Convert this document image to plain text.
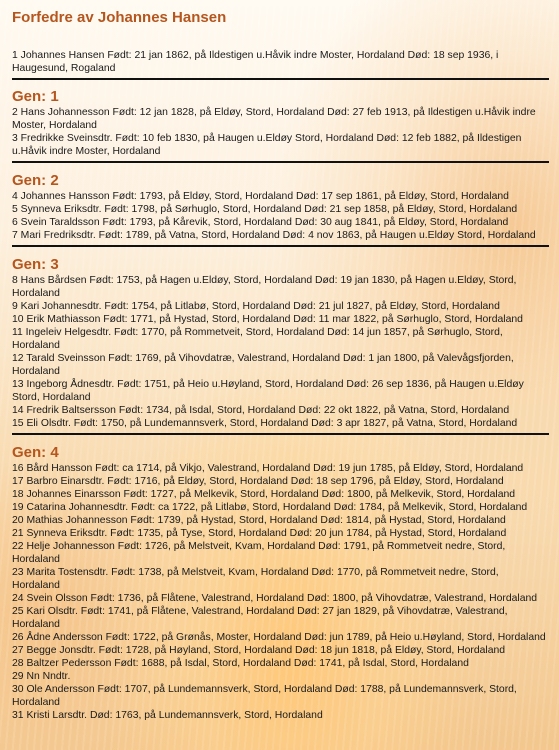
Forfedre av Johannes Hansen

1 Johannes Hansen Født: 21 jan 1862, på Ildestigen u.Håvik indre Moster, Hordaland Død: 18 sep 1936, i Haugesund, Rogaland

Gen: 1

2 Hans Johannesson Født: 12 jan 1828, på Eldøy, Stord, Hordaland Død: 27 feb 1913, på Ildestigen u.Håvik indre Moster, Hordaland

3 Fredrikke Sveinsdtr. Født: 10 feb 1830, på Haugen u.Eldøy Stord, Hordaland Død: 12 feb 1882, på Ildestigen u.Håvik indre Moster, Hordaland

Gen: 2

4 Johannes Hansson Født: 1793, på Eldøy, Stord, Hordaland Død: 17 sep 1861, på Eldøy, Stord, Hordaland

5 Synneva Eriksdtr. Født: 1798, på Sørhuglo, Stord, Hordaland Død: 21 sep 1858, på Eldøy, Stord, Hordaland

6 Svein Taraldsson Født: 1793, på Kårevik, Stord, Hordaland Død: 30 aug 1841, på Eldøy, Stord, Hordaland

7 Mari Fredriksdtr. Født: 1789, på Vatna, Stord, Hordaland Død: 4 nov 1863, på Haugen u.Eldøy Stord, Hordaland

Gen: 3

8 Hans Bårdsen Født: 1753, på Hagen u.Eldøy, Stord, Hordaland Død: 19 jan 1830, på Hagen u.Eldøy, Stord, Hordaland

9 Kari Johannesdtr. Født: 1754, på Litlabø, Stord, Hordaland Død: 21 jul 1827, på Eldøy, Stord, Hordaland

10 Erik Mathiasson Født: 1771, på Hystad, Stord, Hordaland Død: 11 mar 1822, på Sørhuglo, Stord, Hordaland

11 Ingeleiv Helgesdtr. Født: 1770, på Rommetveit, Stord, Hordaland Død: 14 jun 1857, på Sørhuglo, Stord, Hordaland

12 Tarald Sveinsson Født: 1769, på Vihovdatræ, Valestrand, Hordaland Død: 1 jan 1800, på Valevågsfjorden, Hordaland

13 Ingeborg Ådnesdtr. Født: 1751, på Heio u.Høyland, Stord, Hordaland Død: 26 sep 1836, på Haugen u.Eldøy Stord, Hordaland

14 Fredrik Baltsersson Født: 1734, på Isdal, Stord, Hordaland Død: 22 okt 1822, på Vatna, Stord, Hordaland

15 Eli Olsdtr. Født: 1750, på Lundemannsverk, Stord, Hordaland Død: 3 apr 1827, på Vatna, Stord, Hordaland

Gen: 4

16 Bård Hansson Født: ca 1714, på Vikjo, Valestrand, Hordaland Død: 19 jun 1785, på Eldøy, Stord, Hordaland

17 Barbro Einarsdtr. Født: 1716, på Eldøy, Stord, Hordaland Død: 18 sep 1796, på Eldøy, Stord, Hordaland

18 Johannes Einarsson Født: 1727, på Melkevik, Stord, Hordaland Død: 1800, på Melkevik, Stord, Hordaland

19 Catarina Johannesdtr. Født: ca 1722, på Litlabø, Stord, Hordaland Død: 1784, på Melkevik, Stord, Hordaland

20 Mathias Johannesson Født: 1739, på Hystad, Stord, Hordaland Død: 1814, på Hystad, Stord, Hordaland

21 Synneva Eriksdtr. Født: 1735, på Tyse, Stord, Hordaland Død: 20 jun 1784, på Hystad, Stord, Hordaland

22 Helje Johannesson Født: 1726, på Melstveit, Kvam, Hordaland Død: 1791, på Rommetveit nedre, Stord, Hordaland

23 Marita Tostensdtr. Født: 1738, på Melstveit, Kvam, Hordaland Død: 1770, på Rommetveit nedre, Stord, Hordaland

24 Svein Olsson Født: 1736, på Flåtene, Valestrand, Hordaland Død: 1800, på Vihovdatræ, Valestrand, Hordaland

25 Kari Olsdtr. Født: 1741, på Flåtene, Valestrand, Hordaland Død: 27 jan 1829, på Vihovdatræ, Valestrand, Hordaland

26 Ådne Andersson Født: 1722, på Grønås, Moster, Hordaland Død: jun 1789, på Heio u.Høyland, Stord, Hordaland

27 Begge Jonsdtr. Født: 1728, på Høyland, Stord, Hordaland Død: 18 jun 1818, på Eldøy, Stord, Hordaland

28 Baltzer Pedersson Født: 1688, på Isdal, Stord, Hordaland Død: 1741, på Isdal, Stord, Hordaland

29 Nn Nndtr.

30 Ole Andersson Født: 1707, på Lundemannsverk, Stord, Hordaland Død: 1788, på Lundemannsverk, Stord, Hordaland

31 Kristi Larsdtr. Død: 1763, på Lundemannsverk, Stord, Hordaland
